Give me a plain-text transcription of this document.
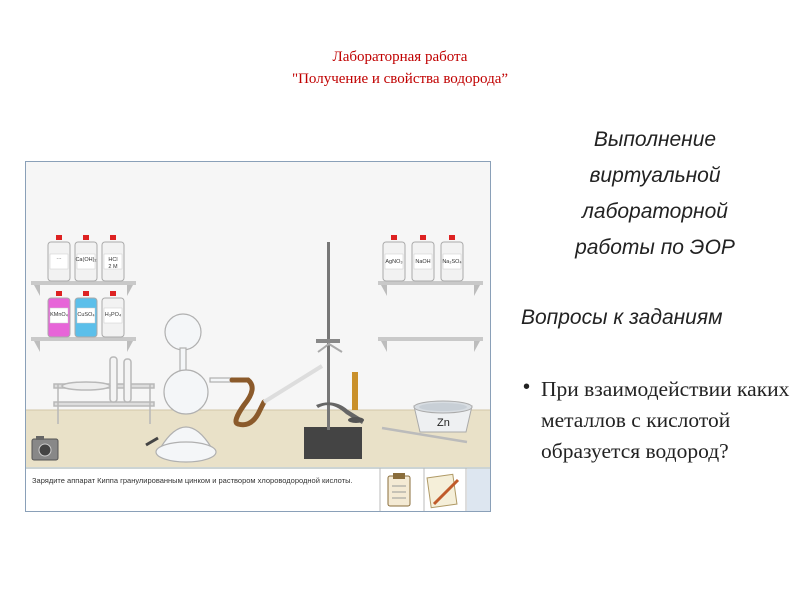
Лабораторная работа
"Получение и свойства водорода”
···	Ca(OH)₂	HCl
2 M
KMnO₄	CuSO₄	H₃PO₄
AgNO₃	NaOH	Na₂SO₄
Zn
Зарядите аппарат Киппа гранулированным цинком и раствором хлороводородной кислоты.
Выполнение
виртуальной
лабораторной
работы по ЭОР
Вопросы к заданиям
• При взаимодействии каких металлов с кислотой образуется водород?
